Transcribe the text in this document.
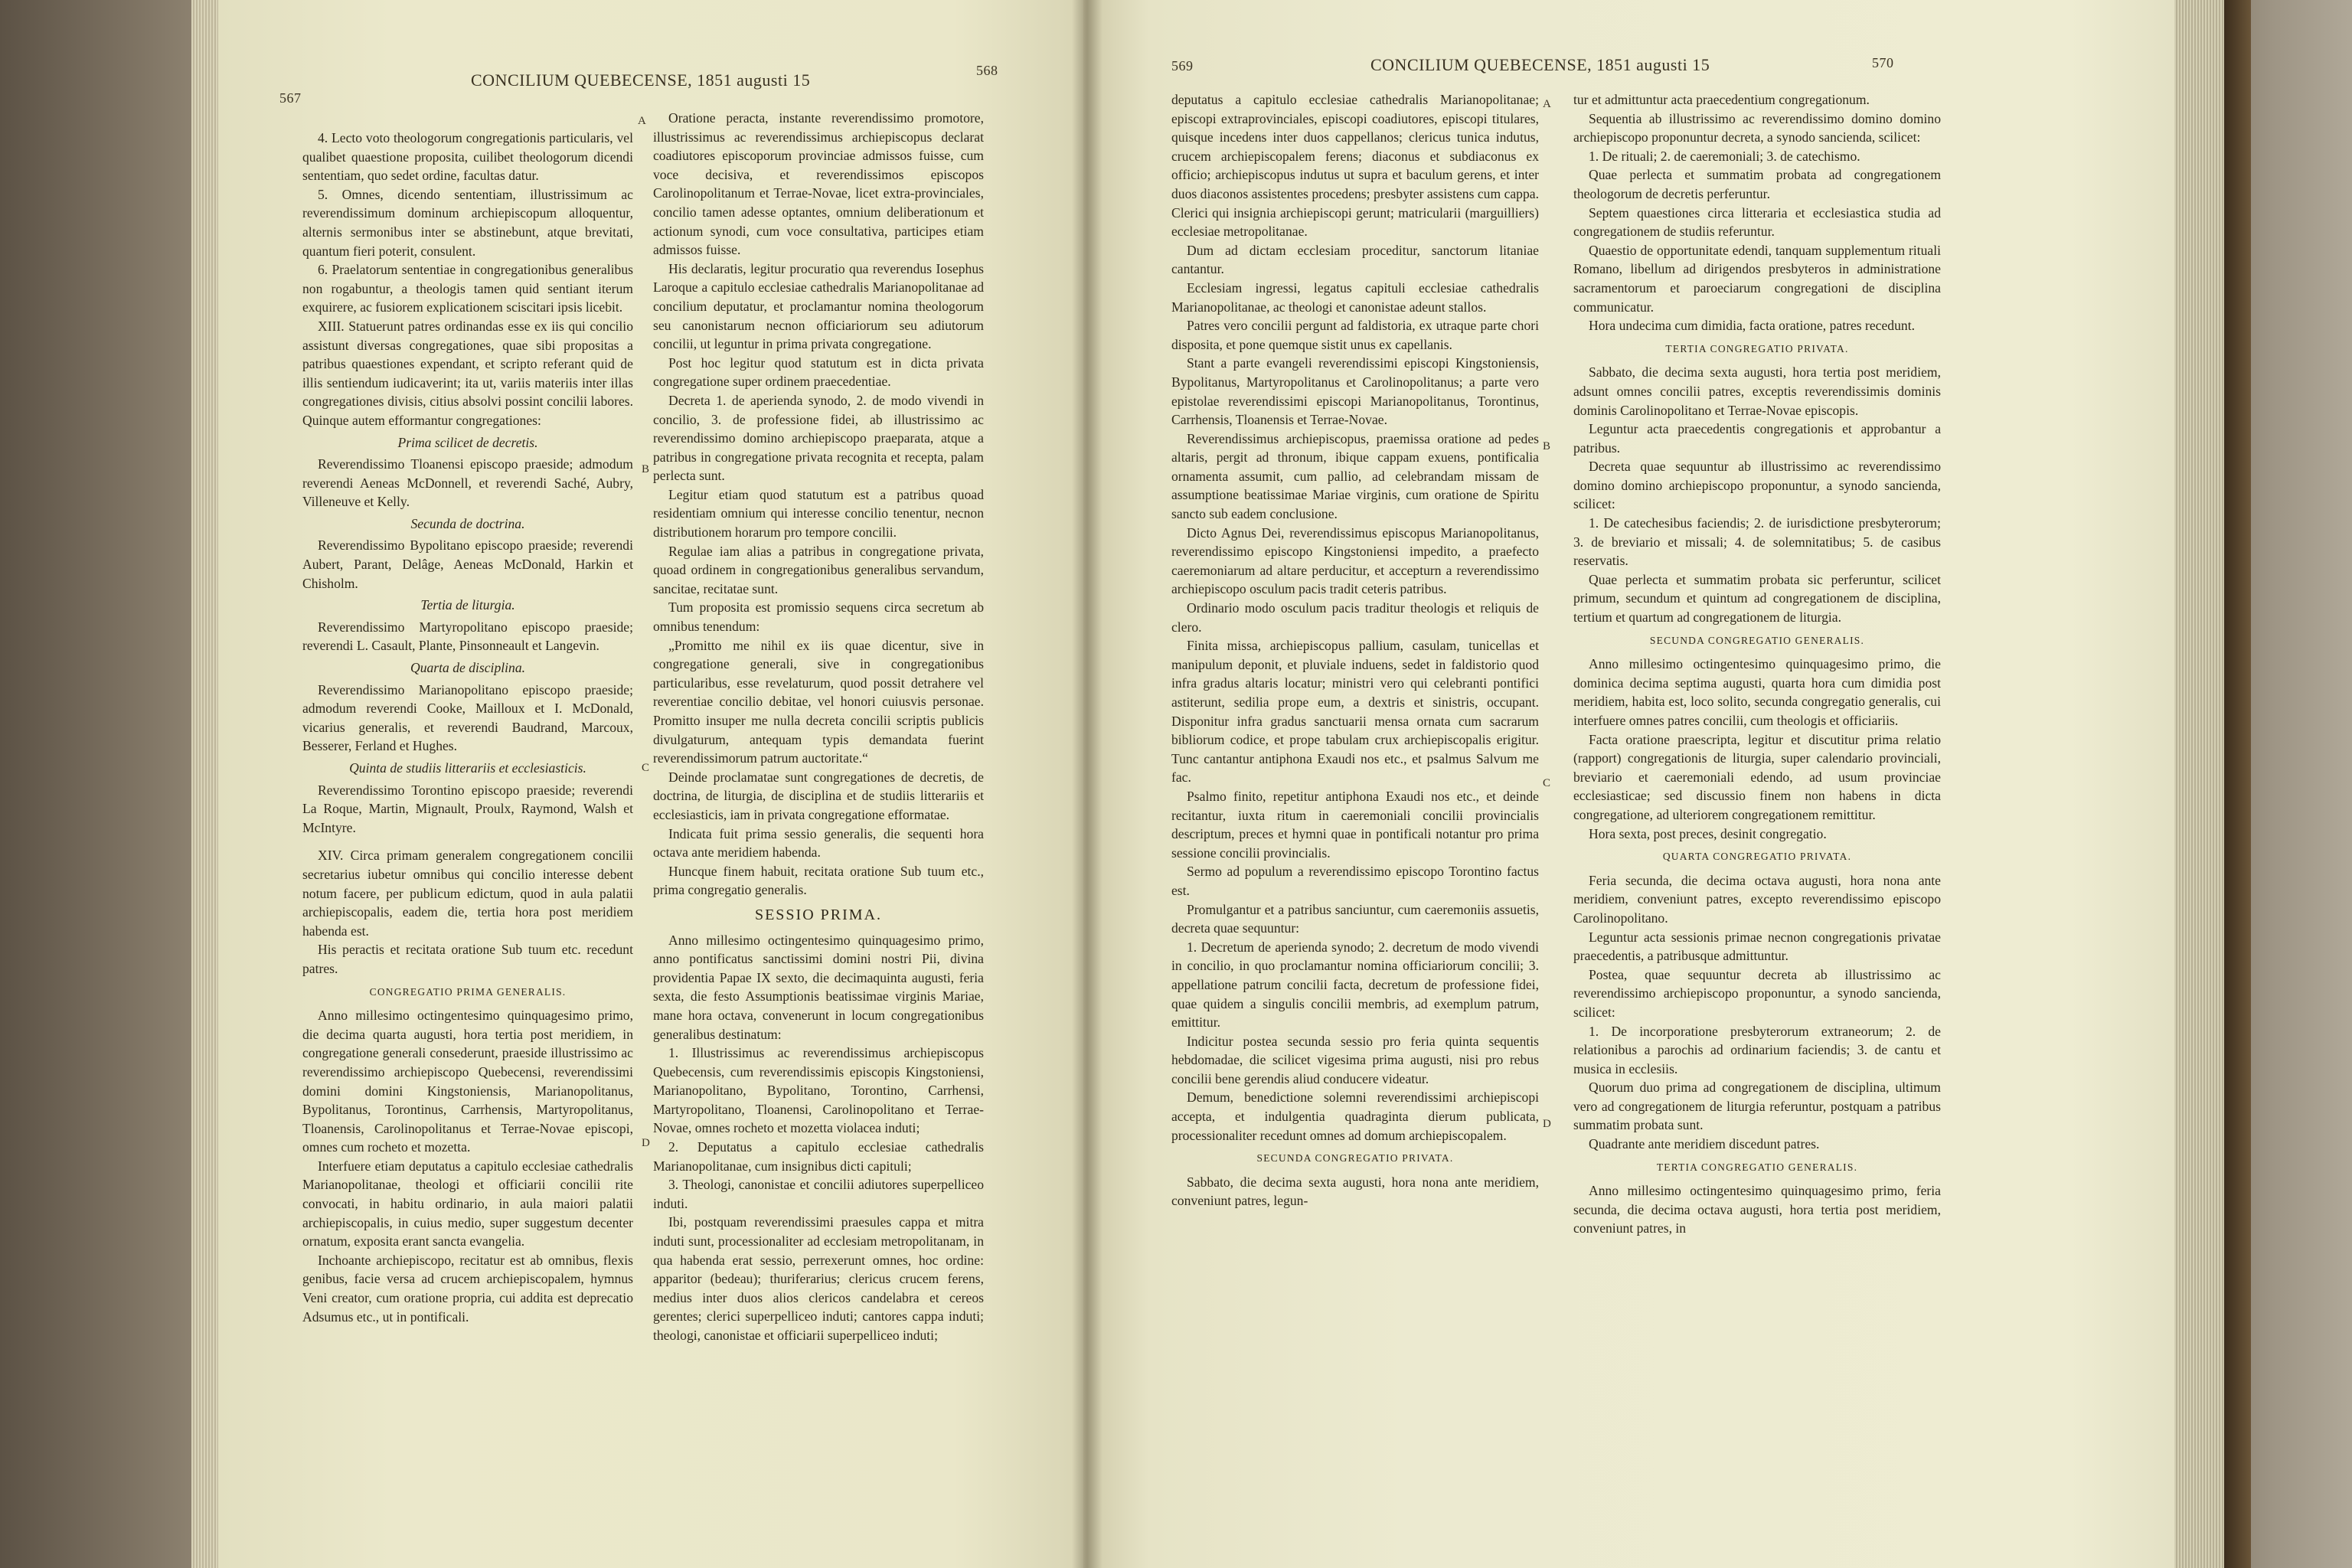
567
CONCILIUM QUEBECENSE, 1851 augusti 15	568

4. Lecto voto theologorum congregationis particularis, vel qualibet quaestione proposita, cuilibet theologorum dicendi sententiam, quo sedet ordine, facultas datur.

5. Omnes, dicendo sententiam, illustrissimum ac reverendissimum dominum archiepiscopum alloquentur, alternis sermonibus inter se abstinebunt, atque brevitati, quantum fieri poterit, consulent.

6. Praelatorum sententiae in congregationibus generalibus non rogabuntur, a theologis tamen quid sentiant iterum exquirere, ac fusiorem explicationem sciscitari ipsis licebit.

XIII. Statuerunt patres ordinandas esse ex iis qui concilio assistunt diversas congregationes, quae sibi propositas a patribus quaestiones expendant, et scripto referant quid de illis sentiendum iudicaverint; ita ut, variis materiis inter illas congregationes divisis, citius absolvi possint concilii labores. Quinque autem efformantur congregationes:

Prima scilicet de decretis.

Reverendissimo Tloanensi episcopo praeside; admodum reverendi Aeneas McDonnell, et reverendi Saché, Aubry, Villeneuve et Kelly.

Secunda de doctrina.

Reverendissimo Bypolitano episcopo praeside; reverendi Aubert, Parant, Delâge, Aeneas McDonald, Harkin et Chisholm.

Tertia de liturgia.

Reverendissimo Martyropolitano episcopo praeside; reverendi L. Casault, Plante, Pinsonneault et Langevin.

Quarta de disciplina.

Reverendissimo Marianopolitano episcopo praeside; admodum reverendi Cooke, Mailloux et I. McDonald, vicarius generalis, et reverendi Baudrand, Marcoux, Besserer, Ferland et Hughes.

Quinta de studiis litterariis et ecclesiasticis.

Reverendissimo Torontino episcopo praeside; reverendi La Roque, Martin, Mignault, Proulx, Raymond, Walsh et McIntyre.

XIV. Circa primam generalem congregationem concilii secretarius iubetur omnibus qui concilio interesse debent notum facere, per publicum edictum, quod in aula palatii archiepiscopalis, eadem die, tertia hora post meridiem habenda est.

His peractis et recitata oratione Sub tuum etc. recedunt patres.

CONGREGATIO PRIMA GENERALIS.

Anno millesimo octingentesimo quinquagesimo primo, die decima quarta augusti, hora tertia post meridiem, in congregatione generali consederunt, praeside illustrissimo ac reverendissimo archiepiscopo Quebecensi, reverendissimi domini domini Kingstoniensis, Marianopolitanus, Bypolitanus, Torontinus, Carrhensis, Martyropolitanus, Tloanensis, Carolinopolitanus et Terrae-Novae episcopi, omnes cum rocheto et mozetta.

Interfuere etiam deputatus a capitulo ecclesiae cathedralis Marianopolitanae, theologi et officiarii concilii rite convocati, in habitu ordinario, in aula maiori palatii archiepiscopalis, in cuius medio, super suggestum decenter ornatum, exposita erant sancta evangelia.

Inchoante archiepiscopo, recitatur est ab omnibus, flexis genibus, facie versa ad crucem archiepiscopalem, hymnus Veni creator, cum oratione propria, cui addita est deprecatio Adsumus etc., ut in pontificali.

Oratione peracta, instante reverendissimo promotore, illustrissimus ac reverendissimus archiepiscopus declarat coadiutores episcoporum provinciae admissos fuisse, cum voce decisiva, et reverendissimos episcopos Carolinopolitanum et Terrae-Novae, licet extra-provinciales, concilio tamen adesse optantes, omnium deliberationum et actionum synodi, cum voce consultativa, participes etiam admissos fuisse.

His declaratis, legitur procuratio qua reverendus Iosephus Laroque a capitulo ecclesiae cathedralis Marianopolitanae ad concilium deputatur, et proclamantur nomina theologorum seu canonistarum necnon officiariorum seu adiutorum concilii, ut leguntur in prima privata congregatione.

Post hoc legitur quod statutum est in dicta privata congregatione super ordinem praecedentiae.

Decreta 1. de aperienda synodo, 2. de modo vivendi in concilio, 3. de professione fidei, ab illustrissimo ac reverendissimo domino archiepiscopo praeparata, atque a patribus in congregatione privata recognita et recepta, palam perlecta sunt.

Legitur etiam quod statutum est a patribus quoad residentiam omnium qui interesse concilio tenentur, necnon distributionem horarum pro tempore concilii.

Regulae iam alias a patribus in congregatione privata, quoad ordinem in congregationibus generalibus servandum, sancitae, recitatae sunt.

Tum proposita est promissio sequens circa secretum ab omnibus tenendum:

„Promitto me nihil ex iis quae dicentur, sive in congregatione generali, sive in congregationibus particularibus, esse revelaturum, quod possit detrahere vel reverentiae concilio debitae, vel honori cuiusvis personae. Promitto insuper me nulla decreta concilii scriptis publicis divulgaturum, antequam typis demandata fuerint reverendissimorum patrum auctoritate.“

Deinde proclamatae sunt congregationes de decretis, de doctrina, de liturgia, de disciplina et de studiis litterariis et ecclesiasticis, iam in privata congregatione efformatae.

Indicata fuit prima sessio generalis, die sequenti hora octava ante meridiem habenda.

Huncque finem habuit, recitata oratione Sub tuum etc., prima congregatio generalis.

SESSIO PRIMA.

Anno millesimo octingentesimo quinquagesimo primo, anno pontificatus sanctissimi domini nostri Pii, divina providentia Papae IX sexto, die decimaquinta augusti, feria sexta, die festo Assumptionis beatissimae virginis Mariae, mane hora octava, convenerunt in locum congregationibus generalibus destinatum:

1. Illustrissimus ac reverendissimus archiepiscopus Quebecensis, cum reverendissimis episcopis Kingstoniensi, Marianopolitano, Bypolitano, Torontino, Carrhensi, Martyropolitano, Tloanensi, Carolinopolitano et Terrae-Novae, omnes rocheto et mozetta violacea induti;

2. Deputatus a capitulo ecclesiae cathedralis Marianopolitanae, cum insignibus dicti capituli;

3. Theologi, canonistae et concilii adiutores superpelliceo induti.

Ibi, postquam reverendissimi praesules cappa et mitra induti sunt, processionaliter ad ecclesiam metropolitanam, in qua habenda erat sessio, perrexerunt omnes, hoc ordine: apparitor (bedeau); thuriferarius; clericus crucem ferens, medius inter duos alios clericos candelabra et cereos gerentes; clerici superpelliceo induti; cantores cappa induti; theologi, canonistae et officiarii superpelliceo induti;

A
B
C
D
569	CONCILIUM QUEBECENSE, 1851 augusti 15	570

deputatus a capitulo ecclesiae cathedralis Marianopolitanae; episcopi extraprovinciales, episcopi coadiutores, episcopi titulares, quisque incedens inter duos cappellanos; clericus tunica indutus, crucem archiepiscopalem ferens; diaconus et subdiaconus ex officio; archiepiscopus indutus ut supra et baculum gerens, et inter duos diaconos assistentes procedens; presbyter assistens cum cappa. Clerici qui insignia archiepiscopi gerunt; matricularii (marguilliers) ecclesiae metropolitanae.

Dum ad dictam ecclesiam proceditur, sanctorum litaniae cantantur.

Ecclesiam ingressi, legatus capituli ecclesiae cathedralis Marianopolitanae, ac theologi et canonistae adeunt stallos.

Patres vero concilii pergunt ad faldistoria, ex utraque parte chori disposita, et pone quemque sistit unus ex capellanis.

Stant a parte evangeli reverendissimi episcopi Kingstoniensis, Bypolitanus, Martyropolitanus et Carolinopolitanus; a parte vero epistolae reverendissimi episcopi Marianopolitanus, Torontinus, Carrhensis, Tloanensis et Terrae-Novae.

Reverendissimus archiepiscopus, praemissa oratione ad pedes altaris, pergit ad thronum, ibique cappam exuens, pontificalia ornamenta assumit, cum pallio, ad celebrandam missam de assumptione beatissimae Mariae virginis, cum oratione de Spiritu sancto sub eadem conclusione.

Dicto Agnus Dei, reverendissimus episcopus Marianopolitanus, reverendissimo episcopo Kingstoniensi impedito, a praefecto caeremoniarum ad altare perducitur, et accepturn a reverendissimo archiepiscopo osculum pacis tradit ceteris patribus.

Ordinario modo osculum pacis traditur theologis et reliquis de clero.

Finita missa, archiepiscopus pallium, casulam, tunicellas et manipulum deponit, et pluviale induens, sedet in faldistorio quod infra gradus altaris locatur; ministri vero qui celebranti pontifici astiterunt, sedilia prope eum, a dextris et sinistris, occupant. Disponitur infra gradus sanctuarii mensa ornata cum sacrarum bibliorum codice, et prope tabulam crux archiepiscopalis erigitur. Tunc cantantur antiphona Exaudi nos etc., et psalmus Salvum me fac.

Psalmo finito, repetitur antiphona Exaudi nos etc., et deinde recitantur, iuxta ritum in caeremoniali concilii provincialis descriptum, preces et hymni quae in pontificali notantur pro prima sessione concilii provincialis.

Sermo ad populum a reverendissimo episcopo Torontino factus est.

Promulgantur et a patribus sanciuntur, cum caeremoniis assuetis, decreta quae sequuntur:

1. Decretum de aperienda synodo; 2. decretum de modo vivendi in concilio, in quo proclamantur nomina officiariorum concilii; 3. appellatione patrum concilii facta, decretum de professione fidei, quae quidem a singulis concilii membris, ad exemplum patrum, emittitur.

Indicitur postea secunda sessio pro feria quinta sequentis hebdomadae, die scilicet vigesima prima augusti, nisi pro rebus concilii bene gerendis aliud conducere videatur.

Demum, benedictione solemni reverendissimi archiepiscopi accepta, et indulgentia quadraginta dierum publicata, processionaliter recedunt omnes ad domum archiepiscopalem.

SECUNDA CONGREGATIO PRIVATA.

Sabbato, die decima sexta augusti, hora nona ante meridiem, conveniunt patres, legun-

tur et admittuntur acta praecedentium congregationum.

Sequentia ab illustrissimo ac reverendissimo domino domino archiepiscopo proponuntur decreta, a synodo sancienda, scilicet:

1. De rituali; 2. de caeremoniali; 3. de catechismo.

Quae perlecta et summatim probata ad congregationem theologorum de decretis perferuntur.

Septem quaestiones circa litteraria et ecclesiastica studia ad congregationem de studiis referuntur.

Quaestio de opportunitate edendi, tanquam supplementum rituali Romano, libellum ad dirigendos presbyteros in administratione sacramentorum et paroeciarum congregationi de disciplina communicatur.

Hora undecima cum dimidia, facta oratione, patres recedunt.

TERTIA CONGREGATIO PRIVATA.

Sabbato, die decima sexta augusti, hora tertia post meridiem, adsunt omnes concilii patres, exceptis reverendissimis dominis dominis Carolinopolitano et Terrae-Novae episcopis.

Leguntur acta praecedentis congregationis et approbantur a patribus.

Decreta quae sequuntur ab illustrissimo ac reverendissimo domino domino archiepiscopo proponuntur, a synodo sancienda, scilicet:

1. De catechesibus faciendis; 2. de iurisdictione presbyterorum; 3. de breviario et missali; 4. de solemnitatibus; 5. de casibus reservatis.

Quae perlecta et summatim probata sic perferuntur, scilicet primum, secundum et quintum ad congregationem de disciplina, tertium et quartum ad congregationem de liturgia.

SECUNDA CONGREGATIO GENERALIS.

Anno millesimo octingentesimo quinquagesimo primo, die dominica decima septima augusti, quarta hora cum dimidia post meridiem, habita est, loco solito, secunda congregatio generalis, cui interfuere omnes patres concilii, cum theologis et officiariis.

Facta oratione praescripta, legitur et discutitur prima relatio (rapport) congregationis de liturgia, super calendario provinciali, breviario et caeremoniali edendo, ad usum provinciae ecclesiasticae; sed discussio finem non habens in dicta congregatione, ad ulteriorem congregationem remittitur.

Hora sexta, post preces, desinit congregatio.

QUARTA CONGREGATIO PRIVATA.

Feria secunda, die decima octava augusti, hora nona ante meridiem, conveniunt patres, excepto reverendissimo episcopo Carolinopolitano.

Leguntur acta sessionis primae necnon congregationis privatae praecedentis, a patribusque admittuntur.

Postea, quae sequuntur decreta ab illustrissimo ac reverendissimo archiepiscopo proponuntur, a synodo sancienda, scilicet:

1. De incorporatione presbyterorum extraneorum; 2. de relationibus a parochis ad ordinarium faciendis; 3. de cantu et musica in ecclesiis.

Quorum duo prima ad congregationem de disciplina, ultimum vero ad congregationem de liturgia referuntur, postquam a patribus summatim probata sunt.

Quadrante ante meridiem discedunt patres.

TERTIA CONGREGATIO GENERALIS.

Anno millesimo octingentesimo quinquagesimo primo, feria secunda, die decima octava augusti, hora tertia post meridiem, conveniunt patres, in

A
B
C
D
